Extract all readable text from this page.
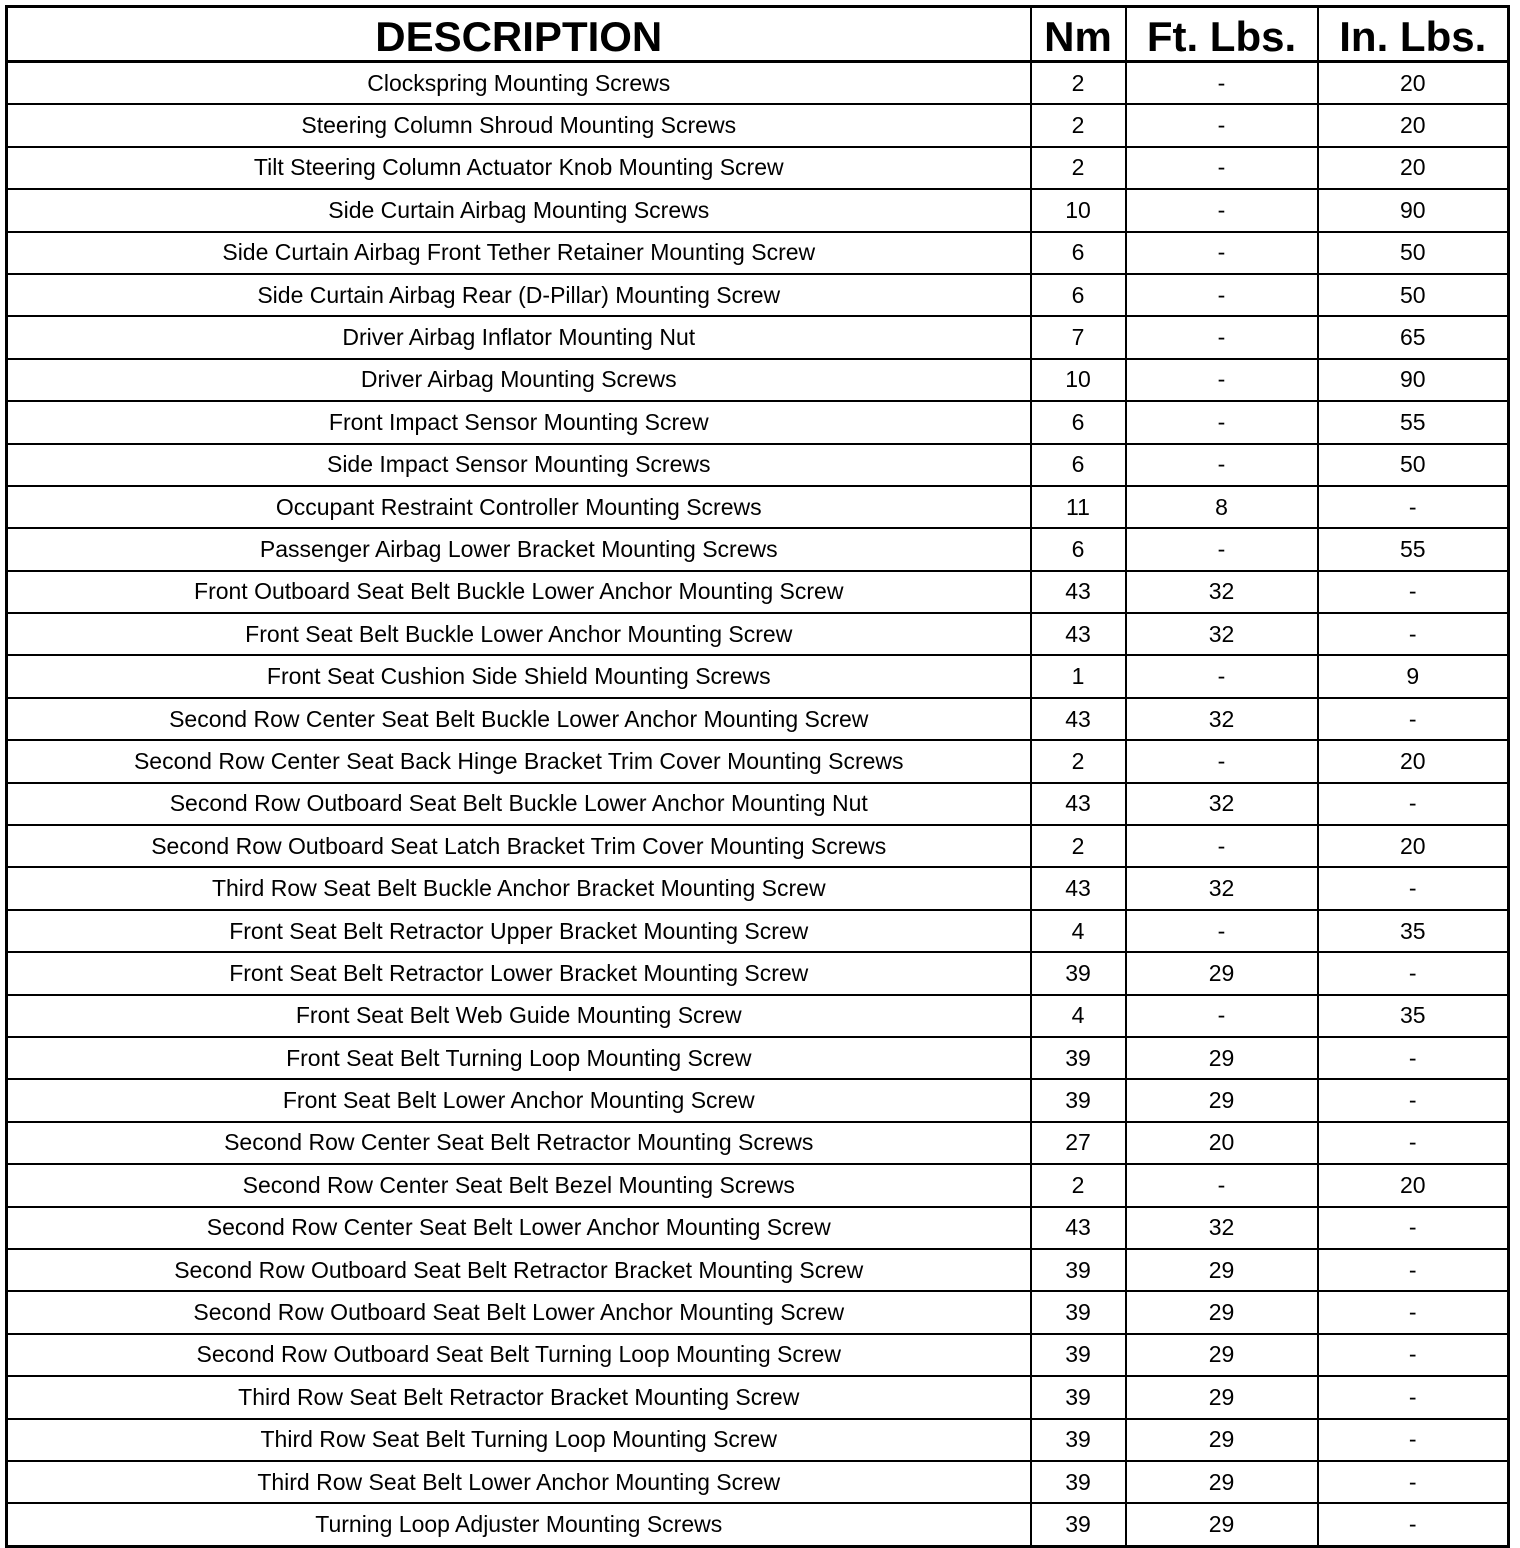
DESCRIPTION	Nm	Ft. Lbs.	In. Lbs.
Clockspring Mounting Screws	2	-	20
Steering Column Shroud Mounting Screws	2	-	20
Tilt Steering Column Actuator Knob Mounting Screw	2	-	20
Side Curtain Airbag Mounting Screws	10	-	90
Side Curtain Airbag Front Tether Retainer Mounting Screw	6	-	50
Side Curtain Airbag Rear (D-Pillar) Mounting Screw	6	-	50
Driver Airbag Inflator Mounting Nut	7	-	65
Driver Airbag Mounting Screws	10	-	90
Front Impact Sensor Mounting Screw	6	-	55
Side Impact Sensor Mounting Screws	6	-	50
Occupant Restraint Controller Mounting Screws	11	8	-
Passenger Airbag Lower Bracket Mounting Screws	6	-	55
Front Outboard Seat Belt Buckle Lower Anchor Mounting Screw	43	32	-
Front Seat Belt Buckle Lower Anchor Mounting Screw	43	32	-
Front Seat Cushion Side Shield Mounting Screws	1	-	9
Second Row Center Seat Belt Buckle Lower Anchor Mounting Screw	43	32	-
Second Row Center Seat Back Hinge Bracket Trim Cover Mounting Screws	2	-	20
Second Row Outboard Seat Belt Buckle Lower Anchor Mounting Nut	43	32	-
Second Row Outboard Seat Latch Bracket Trim Cover Mounting Screws	2	-	20
Third Row Seat Belt Buckle Anchor Bracket Mounting Screw	43	32	-
Front Seat Belt Retractor Upper Bracket Mounting Screw	4	-	35
Front Seat Belt Retractor Lower Bracket Mounting Screw	39	29	-
Front Seat Belt Web Guide Mounting Screw	4	-	35
Front Seat Belt Turning Loop Mounting Screw	39	29	-
Front Seat Belt Lower Anchor Mounting Screw	39	29	-
Second Row Center Seat Belt Retractor Mounting Screws	27	20	-
Second Row Center Seat Belt Bezel Mounting Screws	2	-	20
Second Row Center Seat Belt Lower Anchor Mounting Screw	43	32	-
Second Row Outboard Seat Belt Retractor Bracket Mounting Screw	39	29	-
Second Row Outboard Seat Belt Lower Anchor Mounting Screw	39	29	-
Second Row Outboard Seat Belt Turning Loop Mounting Screw	39	29	-
Third Row Seat Belt Retractor Bracket Mounting Screw	39	29	-
Third Row Seat Belt Turning Loop Mounting Screw	39	29	-
Third Row Seat Belt Lower Anchor Mounting Screw	39	29	-
Turning Loop Adjuster Mounting Screws	39	29	-
